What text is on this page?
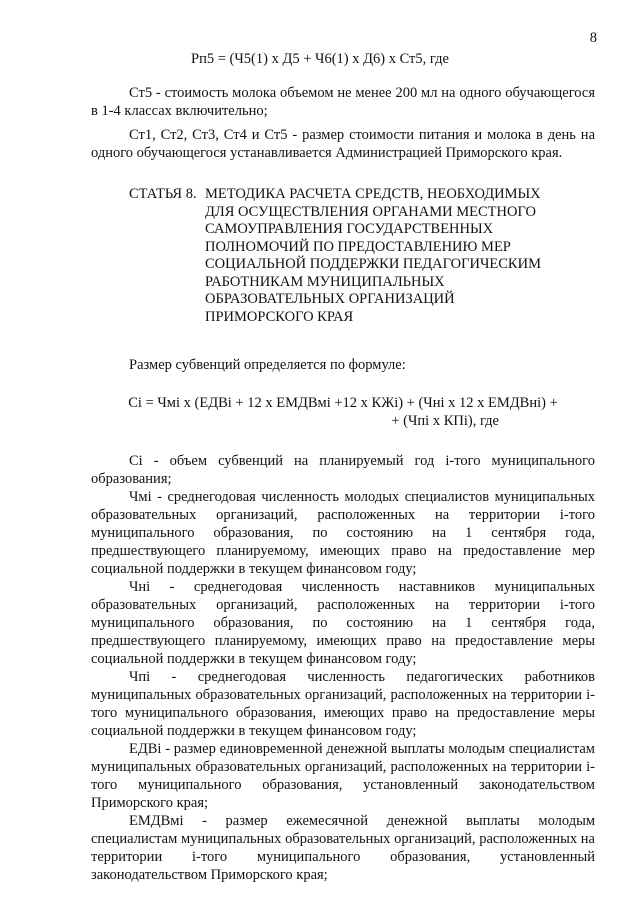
8
Рп5 = (Ч5(1) х Д5 + Ч6(1) х Д6) х Ст5, где

Ст5 - стоимость молока объемом не менее 200 мл на одного обучающегося в 1-4 классах включительно;

Ст1, Ст2, Ст3, Ст4 и Ст5 - размер стоимости питания и молока в день на одного обучающегося устанавливается Администрацией Приморского края.

СТАТЬЯ 8. МЕТОДИКА РАСЧЕТА СРЕДСТВ, НЕОБХОДИМЫХ
ДЛЯ ОСУЩЕСТВЛЕНИЯ ОРГАНАМИ МЕСТНОГО
САМОУПРАВЛЕНИЯ ГОСУДАРСТВЕННЫХ
ПОЛНОМОЧИЙ ПО ПРЕДОСТАВЛЕНИЮ МЕР
СОЦИАЛЬНОЙ ПОДДЕРЖКИ ПЕДАГОГИЧЕСКИМ
РАБОТНИКАМ МУНИЦИПАЛЬНЫХ
ОБРАЗОВАТЕЛЬНЫХ ОРГАНИЗАЦИЙ
ПРИМОРСКОГО КРАЯ

Размер субвенций определяется по формуле:

Ci = Чмi х (ЕДВi + 12 х ЕМДВмi +12 х КЖi) + (Чнi х 12 х ЕМДВнi) +
+ (Чпi х КПi), где

Ci - объем субвенций на планируемый год i-того муниципального образования;

Чмi - среднегодовая численность молодых специалистов муниципальных образовательных организаций, расположенных на территории i-того муниципального образования, по состоянию на 1 сентября года, предшествующего планируемому, имеющих право на предоставление мер социальной поддержки в текущем финансовом году;

Чнi - среднегодовая численность наставников муниципальных образовательных организаций, расположенных на территории i-того муниципального образования, по состоянию на 1 сентября года, предшествующего планируемому, имеющих право на предоставление меры социальной поддержки в текущем финансовом году;

Чпi - среднегодовая численность педагогических работников муниципальных образовательных организаций, расположенных на территории i-того муниципального образования, имеющих право на предоставление меры социальной поддержки в текущем финансовом году;

ЕДВi - размер единовременной денежной выплаты молодым специалистам муниципальных образовательных организаций, расположенных на территории i-того муниципального образования, установленный законодательством Приморского края;

ЕМДВмi - размер ежемесячной денежной выплаты молодым специалистам муниципальных образовательных организаций, расположенных на территории i-того муниципального образования, установленный законодательством Приморского края;
